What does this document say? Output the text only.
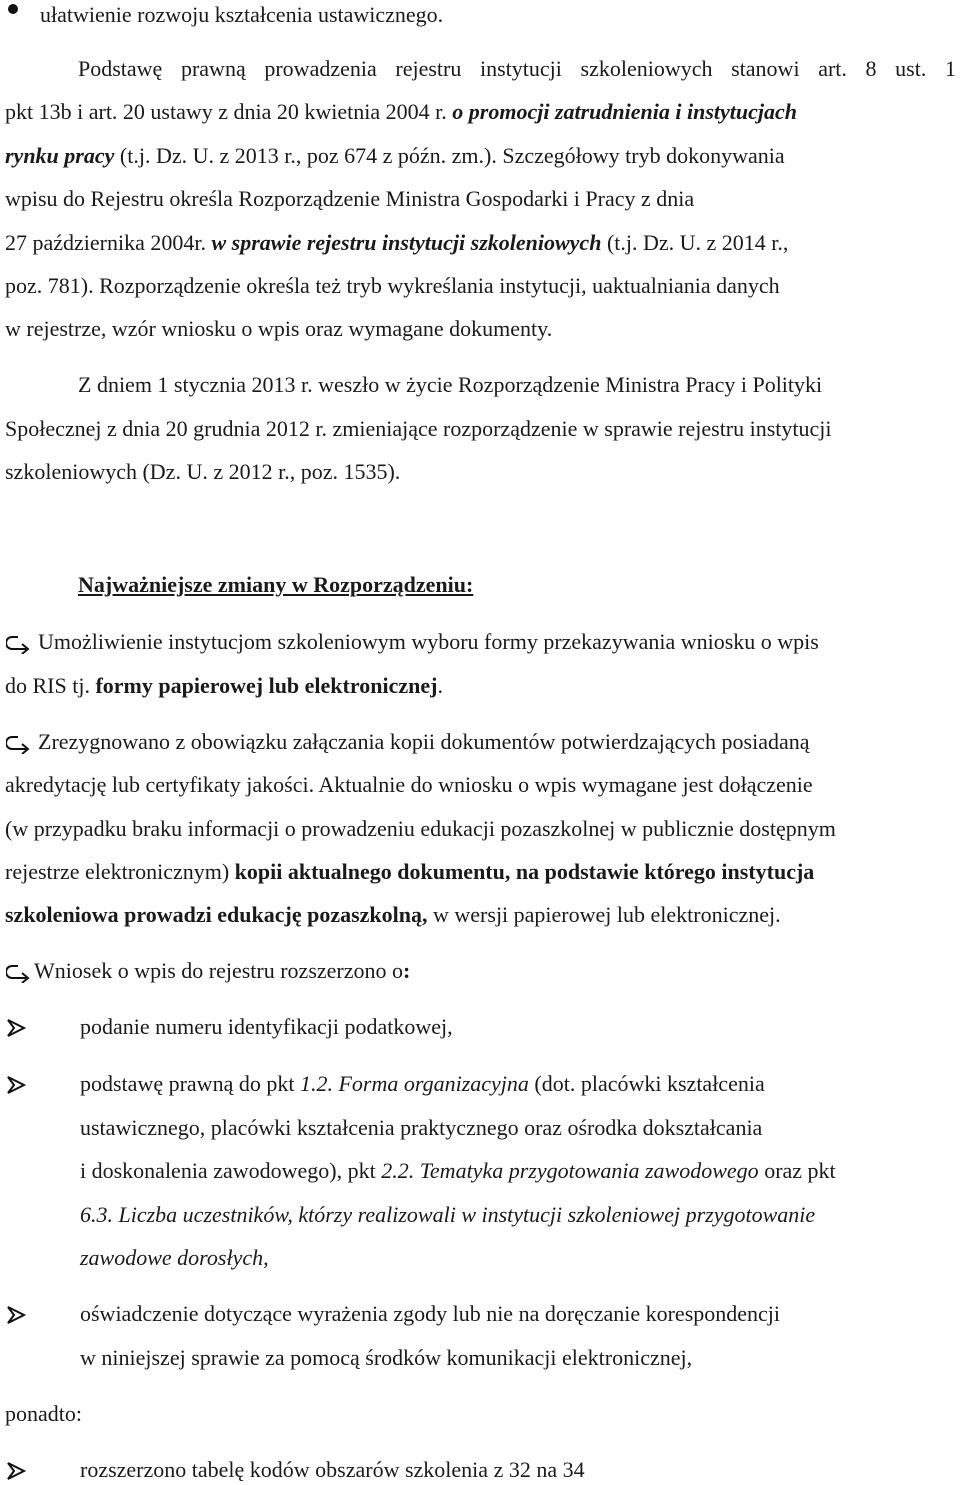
ułatwienie rozwoju kształcenia ustawicznego.
Podstawę prawną prowadzenia rejestru instytucji szkoleniowych stanowi art. 8 ust. 1
pkt 13b i art. 20 ustawy z dnia 20 kwietnia 2004 r. o promocji zatrudnienia i instytucjach
rynku pracy (t.j. Dz. U. z 2013 r., poz 674 z późn. zm.). Szczegółowy tryb dokonywania
wpisu do Rejestru określa Rozporządzenie Ministra Gospodarki i Pracy z dnia
27 października 2004r. w sprawie rejestru instytucji szkoleniowych (t.j. Dz. U. z 2014 r.,
poz. 781). Rozporządzenie określa też tryb wykreślania instytucji, uaktualniania danych
w rejestrze, wzór wniosku o wpis oraz wymagane dokumenty.
Z dniem 1 stycznia 2013 r. weszło w życie Rozporządzenie Ministra Pracy i Polityki
Społecznej z dnia 20 grudnia 2012 r. zmieniające rozporządzenie w sprawie rejestru instytucji
szkoleniowych (Dz. U. z 2012 r., poz. 1535).
Najważniejsze zmiany w Rozporządzeniu:
Umożliwienie instytucjom szkoleniowym wyboru formy przekazywania wniosku o wpis
do RIS tj. formy papierowej lub elektronicznej.
Zrezygnowano z obowiązku załączania kopii dokumentów potwierdzających posiadaną
akredytację lub certyfikaty jakości. Aktualnie do wniosku o wpis wymagane jest dołączenie
(w przypadku braku informacji o prowadzeniu edukacji pozaszkolnej w publicznie dostępnym
rejestrze elektronicznym) kopii aktualnego dokumentu, na podstawie którego instytucja
szkoleniowa prowadzi edukację pozaszkolną, w wersji papierowej lub elektronicznej.
Wniosek o wpis do rejestru rozszerzono o:
podanie numeru identyfikacji podatkowej,
podstawę prawną do pkt 1.2. Forma organizacyjna (dot. placówki kształcenia
ustawicznego, placówki kształcenia praktycznego oraz ośrodka dokształcania
i doskonalenia zawodowego), pkt 2.2. Tematyka przygotowania zawodowego oraz pkt
6.3. Liczba uczestników, którzy realizowali w instytucji szkoleniowej przygotowanie
zawodowe dorosłych,
oświadczenie dotyczące wyrażenia zgody lub nie na doręczanie korespondencji
w niniejszej sprawie za pomocą środków komunikacji elektronicznej,
ponadto:
rozszerzono tabelę kodów obszarów szkolenia z 32 na 34
